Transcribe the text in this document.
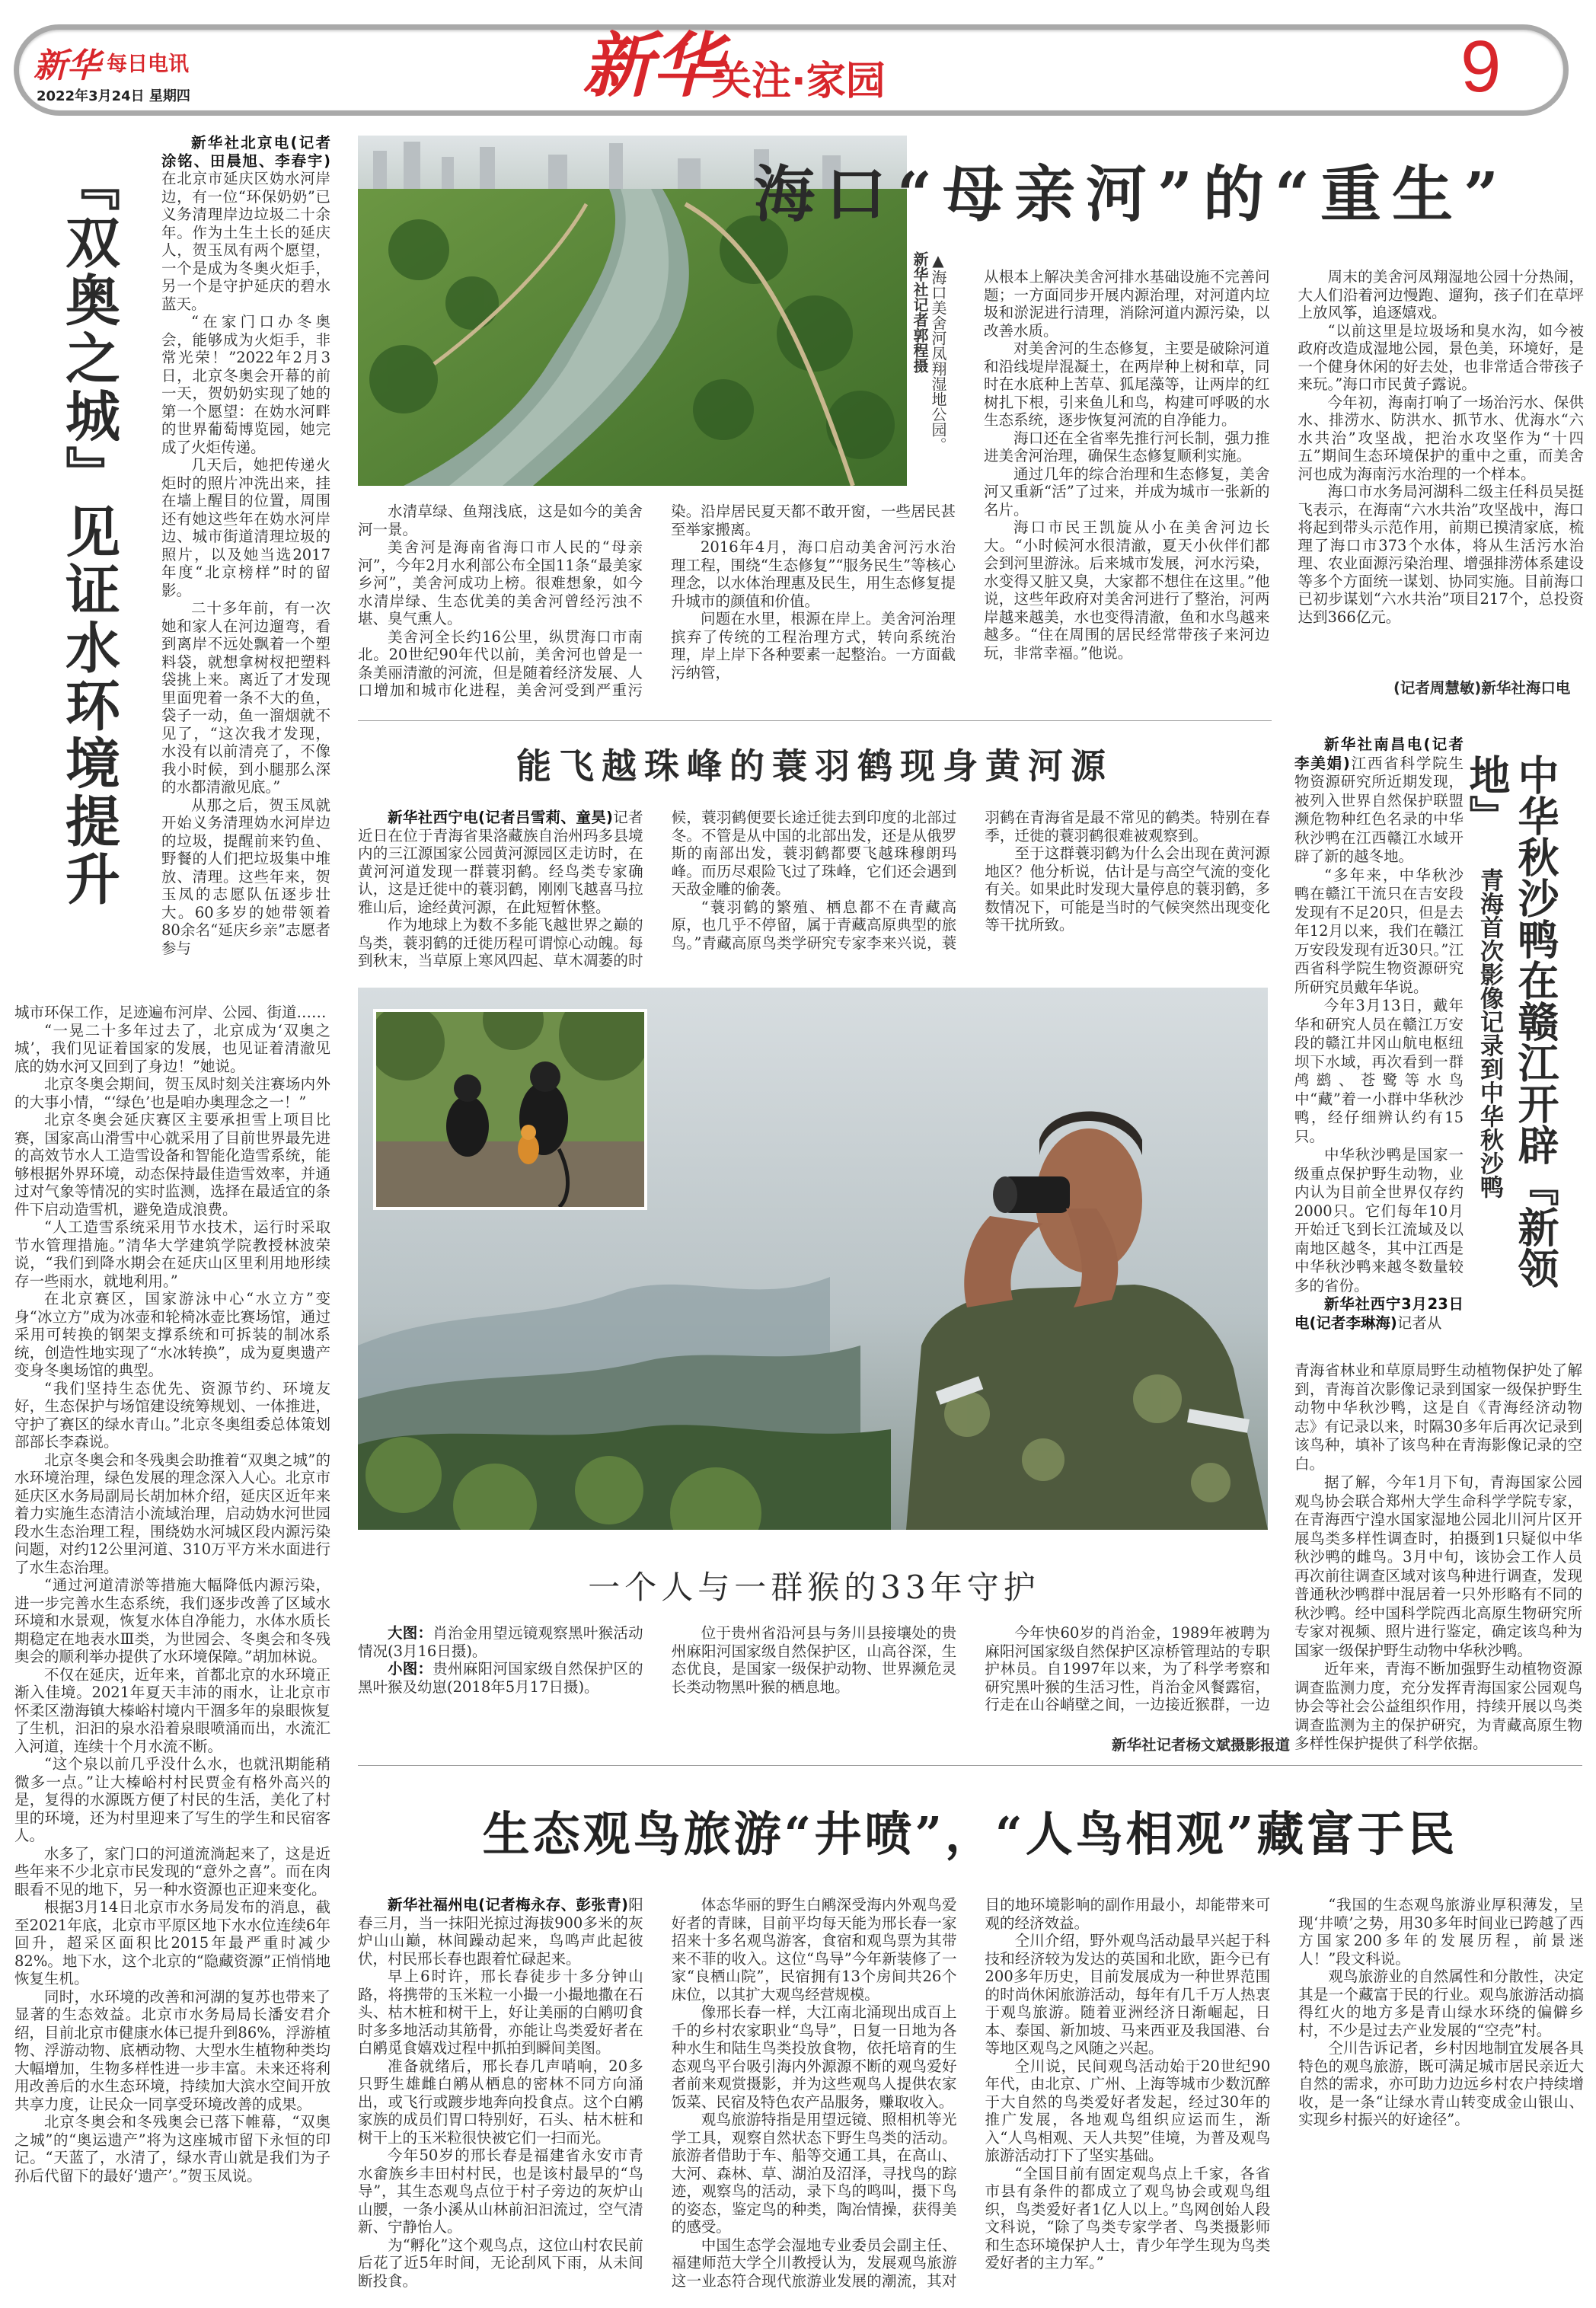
新华 每日电讯
2022年3月24日 星期四	新华
关注·家园	9
『双奥之城』见证水环境提升

新华社北京电(记者涂铭、田晨旭、李春宇)在北京市延庆区妫水河岸边，有一位“环保奶奶”已义务清理岸边垃圾二十余年。作为土生土长的延庆人，贺玉凤有两个愿望，一个是成为冬奥火炬手，另一个是守护延庆的碧水蓝天。

“在家门口办冬奥会，能够成为火炬手，非常光荣！”2022年2月3日，北京冬奥会开幕的前一天，贺奶奶实现了她的第一个愿望：在妫水河畔的世界葡萄博览园，她完成了火炬传递。

几天后，她把传递火炬时的照片冲洗出来，挂在墙上醒目的位置，周围还有她这些年在妫水河岸边、城市街道清理垃圾的照片，以及她当选2017年度“北京榜样”时的留影。

二十多年前，有一次她和家人在河边遛弯，看到离岸不远处飘着一个塑料袋，就想拿树杈把塑料袋挑上来。离近了才发现里面兜着一条不大的鱼，袋子一动，鱼一溜烟就不见了，“这次我才发现，水没有以前清亮了，不像我小时候，到小腿那么深的水都清澈见底。”

从那之后，贺玉凤就开始义务清理妫水河岸边的垃圾，提醒前来钓鱼、野餐的人们把垃圾集中堆放、清理。这些年来，贺玉凤的志愿队伍逐步壮大。60多岁的她带领着80余名“延庆乡亲”志愿者参与

城市环保工作，足迹遍布河岸、公园、街道……

“一晃二十多年过去了，北京成为‘双奥之城’，我们见证着国家的发展，也见证着清澈见底的妫水河又回到了身边！”她说。

北京冬奥会期间，贺玉凤时刻关注赛场内外的大事小情，“‘绿色’也是咱办奥理念之一！”

北京冬奥会延庆赛区主要承担雪上项目比赛，国家高山滑雪中心就采用了目前世界最先进的高效节水人工造雪设备和智能化造雪系统，能够根据外界环境，动态保持最佳造雪效率，并通过对气象等情况的实时监测，选择在最适宜的条件下启动造雪机，避免造成浪费。

“人工造雪系统采用节水技术，运行时采取节水管理措施。”清华大学建筑学院教授林波荣说，“我们到降水期会在延庆山区里利用地形续存一些雨水，就地利用。”

在北京赛区，国家游泳中心“水立方”变身“冰立方”成为冰壶和轮椅冰壶比赛场馆，通过采用可转换的钢架支撑系统和可拆装的制冰系统，创造性地实现了“水冰转换”，成为夏奥遗产变身冬奥场馆的典型。

“我们坚持生态优先、资源节约、环境友好，生态保护与场馆建设统筹规划、一体推进，守护了赛区的绿水青山。”北京冬奥组委总体策划部部长李森说。

北京冬奥会和冬残奥会助推着“双奥之城”的水环境治理，绿色发展的理念深入人心。北京市延庆区水务局副局长胡加林介绍，延庆区近年来着力实施生态清洁小流域治理，启动妫水河世园段水生态治理工程，围绕妫水河城区段内源污染问题，对约12公里河道、310万平方米水面进行了水生态治理。

“通过河道清淤等措施大幅降低内源污染，进一步完善水生态系统，我们逐步改善了区域水环境和水景观，恢复水体自净能力，水体水质长期稳定在地表水Ⅲ类，为世园会、冬奥会和冬残奥会的顺利举办提供了水环境保障。”胡加林说。

不仅在延庆，近年来，首都北京的水环境正渐入佳境。2021年夏天丰沛的雨水，让北京市怀柔区渤海镇大榛峪村境内干涸多年的泉眼恢复了生机，汩汩的泉水沿着泉眼喷涌而出，水流汇入河道，连续十个月水流不断。

“这个泉以前几乎没什么水，也就汛期能稍微多一点。”让大榛峪村村民贾金有格外高兴的是，复得的水源既方便了村民的生活，美化了村里的环境，还为村里迎来了写生的学生和民宿客人。

水多了，家门口的河道流淌起来了，这是近些年来不少北京市民发现的“意外之喜”。而在肉眼看不见的地下，另一种水资源也正迎来变化。

根据3月14日北京市水务局发布的消息，截至2021年底，北京市平原区地下水水位连续6年回升，超采区面积比2015年最严重时减少82%。地下水，这个北京的“隐藏资源”正悄悄地恢复生机。

同时，水环境的改善和河湖的复苏也带来了显著的生态效益。北京市水务局局长潘安君介绍，目前北京市健康水体已提升到86%，浮游植物、浮游动物、底栖动物、大型水生植物种类均大幅增加，生物多样性进一步丰富。未来还将利用改善后的水生态环境，持续加大滨水空间开放共享力度，让民众一同享受环境改善的成果。

北京冬奥会和冬残奥会已落下帷幕，“双奥之城”的“奥运遗产”将为这座城市留下永恒的印记。“天蓝了，水清了，绿水青山就是我们为子孙后代留下的最好‘遗产’。”贺玉凤说。

▲海口美舍河凤翔湿地公园。
新华社记者郭程摄
海口“母亲河”的“重生”

水清草绿、鱼翔浅底，这是如今的美舍河一景。

美舍河是海南省海口市人民的“母亲河”，今年2月水利部公布全国11条“最美家乡河”，美舍河成功上榜。很难想象，如今水清岸绿、生态优美的美舍河曾经污浊不堪、臭气熏人。

美舍河全长约16公里，纵贯海口市南北。20世纪90年代以前，美舍河也曾是一条美丽清澈的河流，但是随着经济发展、人口增加和城市化进程，美舍河受到严重污染。沿岸居民夏天都不敢开窗，一些居民甚至举家搬离。

2016年4月，海口启动美舍河污水治理工程，围绕“生态修复”“服务民生”等核心理念，以水体治理惠及民生，用生态修复提升城市的颜值和价值。

问题在水里，根源在岸上。美舍河治理摈弃了传统的工程治理方式，转向系统治理，岸上岸下各种要素一起整治。一方面截污纳管，

从根本上解决美舍河排水基础设施不完善问题；一方面同步开展内源治理，对河道内垃圾和淤泥进行清理，消除河道内源污染，以改善水质。

对美舍河的生态修复，主要是破除河道和沿线堤岸混凝土，在两岸种上树和草，同时在水底种上苦草、狐尾藻等，让两岸的红树扎下根，引来鱼儿和鸟，构建可呼吸的水生态系统，逐步恢复河流的自净能力。

海口还在全省率先推行河长制，强力推进美舍河治理，确保生态修复顺利实施。

通过几年的综合治理和生态修复，美舍河又重新“活”了过来，并成为城市一张新的名片。

海口市民王凯旋从小在美舍河边长大。“小时候河水很清澈，夏天小伙伴们都会到河里游泳。后来城市发展，河水污染，水变得又脏又臭，大家都不想住在这里。”他说，这些年政府对美舍河进行了整治，河两岸越来越美，水也变得清澈，鱼和水鸟越来越多。“住在周围的居民经常带孩子来河边玩，非常幸福。”他说。

周末的美舍河凤翔湿地公园十分热闹，大人们沿着河边慢跑、遛狗，孩子们在草坪上放风筝，追逐嬉戏。

“以前这里是垃圾场和臭水沟，如今被政府改造成湿地公园，景色美，环境好，是一个健身休闲的好去处，也非常适合带孩子来玩。”海口市民黄子露说。

今年初，海南打响了一场治污水、保供水、排涝水、防洪水、抓节水、优海水“六水共治”攻坚战，把治水攻坚作为“十四五”期间生态环境保护的重中之重，而美舍河也成为海南污水治理的一个样本。

海口市水务局河湖科二级主任科员吴挺飞表示，在海南“六水共治”攻坚战中，海口将起到带头示范作用，前期已摸清家底，梳理了海口市373个水体，将从生活污水治理、农业面源污染治理、增强排涝体系建设等多个方面统一谋划、协同实施。目前海口已初步谋划“六水共治”项目217个，总投资达到366亿元。

(记者周慧敏)新华社海口电
能飞越珠峰的蓑羽鹤现身黄河源

新华社西宁电(记者吕雪莉、童昊)记者近日在位于青海省果洛藏族自治州玛多县境内的三江源国家公园黄河源园区走访时，在黄河河道发现一群蓑羽鹤。经鸟类专家确认，这是迁徙中的蓑羽鹤，刚刚飞越喜马拉雅山后，途经黄河源，在此短暂休整。

作为地球上为数不多能飞越世界之巅的鸟类，蓑羽鹤的迁徙历程可谓惊心动魄。每到秋末，当草原上寒风四起、草木凋萎的时候，蓑羽鹤便要长途迁徙去到印度的北部过冬。不管是从中国的北部出发，还是从俄罗斯的南部出发，蓑羽鹤都要飞越珠穆朗玛峰。而历尽艰险飞过了珠峰，它们还会遇到天敌金雕的偷袭。

“蓑羽鹤的繁殖、栖息都不在青藏高原，也几乎不停留，属于青藏高原典型的旅鸟。”青藏高原鸟类学研究专家李来兴说，蓑羽鹤在青海省是最不常见的鹤类。特别在春季，迁徙的蓑羽鹤很难被观察到。

至于这群蓑羽鹤为什么会出现在黄河源地区？他分析说，估计是与高空气流的变化有关。如果此时发现大量停息的蓑羽鹤，多数情况下，可能是当时的气候突然出现变化等干扰所致。	中华秋沙鸭在赣江开辟『新领地』
青海首次影像记录到中华秋沙鸭

新华社南昌电(记者李美娟)江西省科学院生物资源研究所近期发现，被列入世界自然保护联盟濒危物种红色名录的中华秋沙鸭在江西赣江水域开辟了新的越冬地。

“多年来，中华秋沙鸭在赣江干流只在吉安段发现有不足20只，但是去年12月以来，我们在赣江万安段发现有近30只。”江西省科学院生物资源研究所研究员戴年华说。

今年3月13日，戴年华和研究人员在赣江万安段的赣江井冈山航电枢纽坝下水域，再次看到一群鸬鹚、苍鹭等水鸟中“藏”着一小群中华秋沙鸭，经仔细辨认约有15只。

中华秋沙鸭是国家一级重点保护野生动物，业内认为目前全世界仅存约2000只。它们每年10月开始迁飞到长江流域及以南地区越冬，其中江西是中华秋沙鸭来越冬数量较多的省份。

新华社西宁3月23日电(记者李琳海)记者从

青海省林业和草原局野生动植物保护处了解到，青海首次影像记录到国家一级保护野生动物中华秋沙鸭，这是自《青海经济动物志》有记录以来，时隔30多年后再次记录到该鸟种，填补了该鸟种在青海影像记录的空白。

据了解，今年1月下旬，青海国家公园观鸟协会联合郑州大学生命科学学院专家，在青海西宁湟水国家湿地公园北川河片区开展鸟类多样性调查时，拍摄到1只疑似中华秋沙鸭的雌鸟。3月中旬，该协会工作人员再次前往调查区域对该鸟种进行调查，发现普通秋沙鸭群中混居着一只外形略有不同的秋沙鸭。经中国科学院西北高原生物研究所专家对视频、照片进行鉴定，确定该鸟种为国家一级保护野生动物中华秋沙鸭。

近年来，青海不断加强野生动植物资源调查监测力度，充分发挥青海国家公园观鸟协会等社会公益组织作用，持续开展以鸟类调查监测为主的保护研究，为青藏高原生物多样性保护提供了科学依据。

一个人与一群猴的33年守护

大图：肖治金用望远镜观察黑叶猴活动情况(3月16日摄)。

小图：贵州麻阳河国家级自然保护区的黑叶猴及幼崽(2018年5月17日摄)。

位于贵州省沿河县与务川县接壤处的贵州麻阳河国家级自然保护区，山高谷深，生态优良，是国家一级保护动物、世界濒危灵长类动物黑叶猴的栖息地。

今年快60岁的肖治金，1989年被聘为麻阳河国家级自然保护区凉桥管理站的专职护林员。自1997年以来，为了科学考察和研究黑叶猴的生活习性，肖治金风餐露宿，行走在山谷峭壁之间，一边接近猴群，一边

新华社记者杨文斌摄影报道
生态观鸟旅游“井喷”，“人鸟相观”藏富于民

新华社福州电(记者梅永存、彭张青)阳春三月，当一抹阳光掠过海拔900多米的灰炉山山巅，林间躁动起来，鸟鸣声此起彼伏，村民邢长春也跟着忙碌起来。

早上6时许，邢长春徒步十多分钟山路，将携带的玉米粒一小撮一小撮地撒在石头、枯木桩和树干上，好让美丽的白鹇叨食时多多地活动其筋骨，亦能让鸟类爱好者在白鹇觅食嬉戏过程中抓拍到瞬间美图。

准备就绪后，邢长春几声哨响，20多只野生雄雌白鹇从栖息的密林不同方向涌出，或飞行或踱步地奔向投食点。这个白鹇家族的成员们胃口特别好，石头、枯木桩和树干上的玉米粒很快被它们一扫而光。

今年50岁的邢长春是福建省永安市青水畲族乡丰田村村民，也是该村最早的“鸟导”，其生态观鸟点位于村子旁边的灰炉山山腰，一条小溪从山林前汩汩流过，空气清新、宁静怡人。

为“孵化”这个观鸟点，这位山村农民前后花了近5年时间，无论刮风下雨，从未间断投食。

体态华丽的野生白鹇深受海内外观鸟爱好者的青睐，目前平均每天能为邢长春一家招来十多名观鸟游客，食宿和观鸟票为其带来不菲的收入。这位“鸟导”今年新装修了一家“良栖山院”，民宿拥有13个房间共26个床位，以其扩大观鸟经营规模。

像邢长春一样，大江南北涌现出成百上千的乡村农家职业“鸟导”，日复一日地为各种水生和陆生鸟类投放食物，依托培育的生态观鸟平台吸引海内外源源不断的观鸟爱好者前来观赏摄影，并为这些观鸟人提供农家饭菜、民宿及特色农产品服务，赚取收入。

观鸟旅游特指是用望远镜、照相机等光学工具，观察自然状态下野生鸟类的活动。旅游者借助于车、船等交通工具，在高山、大河、森林、草、湖泊及沼泽，寻找鸟的踪迹，观察鸟的活动，录下鸟的鸣叫，摄下鸟的姿态，鉴定鸟的种类，陶冶情操，获得美的感受。

中国生态学会湿地专业委员会副主任、福建师范大学仝川教授认为，发展观鸟旅游这一业态符合现代旅游业发展的潮流，其对目的地环境影响的副作用最小，却能带来可观的经济效益。

仝川介绍，野外观鸟活动最早兴起于科技和经济较为发达的英国和北欧，距今已有200多年历史，目前发展成为一种世界范围的时尚休闲旅游活动，每年有几千万人热衷于观鸟旅游。随着亚洲经济日渐崛起，日本、泰国、新加坡、马来西亚及我国港、台等地区观鸟之风随之兴起。

仝川说，民间观鸟活动始于20世纪90年代，由北京、广州、上海等城市少数沉醉于大自然的鸟类爱好者发起，经过30年的推广发展，各地观鸟组织应运而生，渐入“人鸟相观、天人共契”佳境，为普及观鸟旅游活动打下了坚实基础。

“全国目前有固定观鸟点上千家，各省市县有条件的都成立了观鸟协会或观鸟组织，鸟类爱好者1亿人以上。”鸟网创始人段文科说，“除了鸟类专家学者、鸟类摄影师和生态环境保护人士，青少年学生现为鸟类爱好者的主力军。”

“我国的生态观鸟旅游业厚积薄发，呈现‘井喷’之势，用30多年时间业已跨越了西方国家200多年的发展历程，前景迷人！”段文科说。

观鸟旅游业的自然属性和分散性，决定其是一个藏富于民的行业。观鸟旅游活动搞得红火的地方多是青山绿水环绕的偏僻乡村，不少是过去产业发展的“空壳”村。

仝川告诉记者，乡村因地制宜发展各具特色的观鸟旅游，既可满足城市居民亲近大自然的需求，亦可助力边远乡村农户持续增收，是一条“让绿水青山转变成金山银山、实现乡村振兴的好途径”。
